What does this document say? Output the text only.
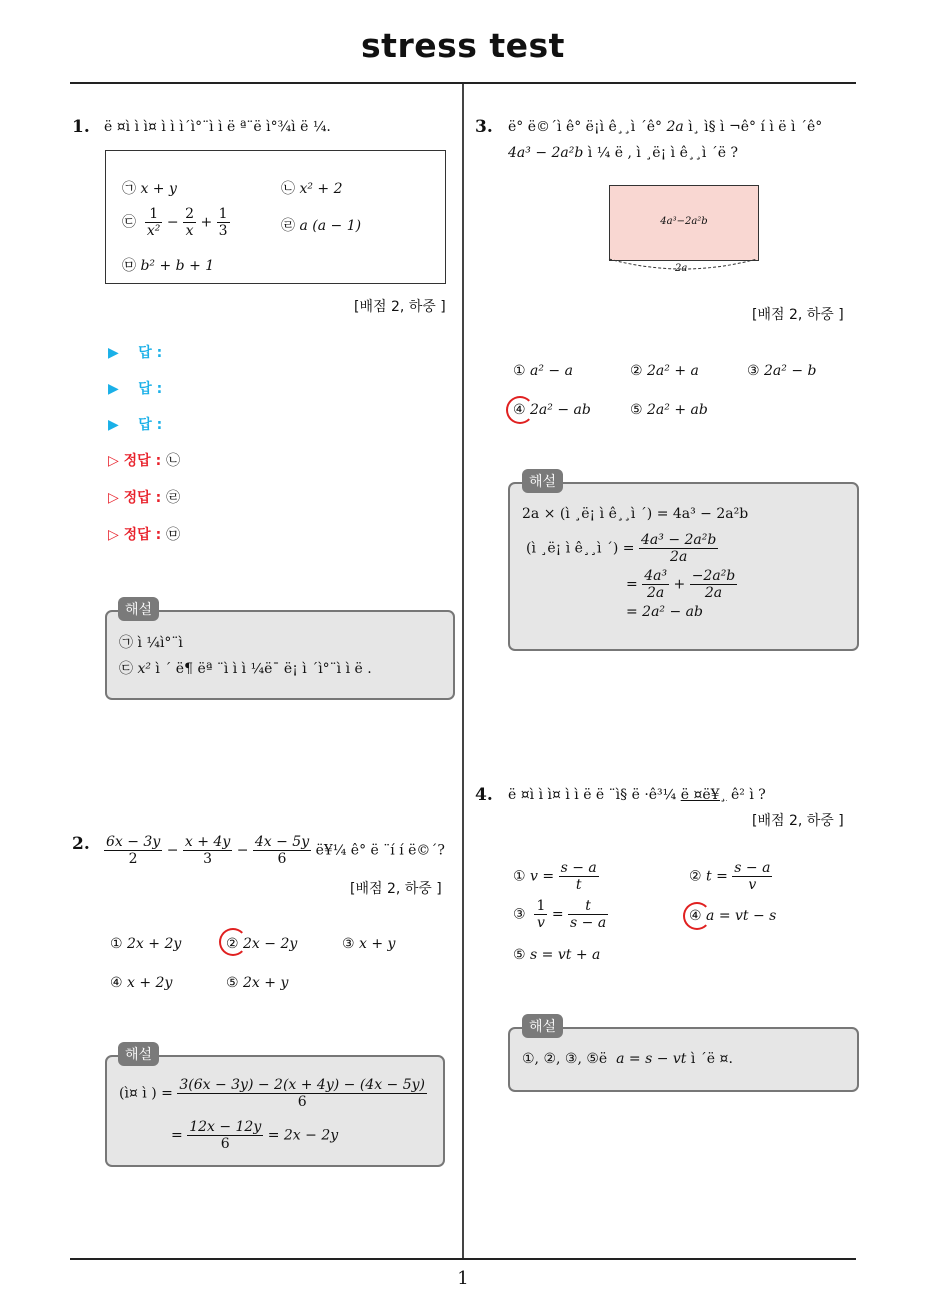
stress test
1
1. ë ¤ì ì ì¤ ì ì ì´ì°¨ì ì ë ª¨ë ì°¾ì ë ¼.
㉠ x + y	㉡ x² + 2
㉢ $\frac{1}{\text{x²}} - \frac{2}{x} + \frac{1}{3}$	㉣ a (a − 1)
㉤ b² + b + 1
[배점 2, 하중 ]
▶ 답 :
▶ 답 :
▶ 답 :
▷ 정답 : ㉡
▷ 정답 : ㉣
▷ 정답 : ㉤
㉠ ì ¼ì°¨ì
㉢ x² ì ´ ë¶ ëª ¨ì ì ì ¼ë¯ ë¡ ì ´ì°¨ì ì ë .
해설
2. $\frac{6x - 3y}{2} - \frac{x + 4y}{3} - \frac{4x - 5y}{6}$ ë¥¼ ê° ë ¨í í ë©´?
[배점 2, 하중 ]
① 2x + 2y	② 2x − 2y	③ x + y
④ x + 2y	⑤ 2x + y
(ì¤ ì ) = $\frac{3(6x - 3y) - 2(x + 4y) - (4x - 5y)}{6}$
= $\frac{12x - 12y}{6} = 2x - 2y$
해설
3. ë° ë©´ì ê° ë¡ì ê¸¸ì ´ê° 2a ì¸ ì§ ì ¬ê° í ì ë ì ´ê°
4a³ − 2a²b ì ¼ ë , ì ¸ë¡ ì ê¸¸ì ´ë ?
4a³−2a²b
2a
[배점 2, 하중 ]
① a² − a	② 2a² + a	③ 2a² − b
④ 2a² − ab	⑤ 2a² + ab
2a × (ì ¸ë¡ ì ê¸¸ì ´) = 4a³ − 2a²b
(ì ¸ë¡ ì ê¸¸ì ´) = $\frac{\text{4a³ − 2a²b}}{2a}$
= $\frac{\text{4a³}}{2a} + \frac{\text{−2a²b}}{2a}$
= 2a² − ab
해설
4. ë ¤ì ì ì¤ ì ì ë ë ¨ì§ ë ·ê³¼ ë ¤ë¥¸ ê² ì ?
[배점 2, 하중 ]
① $v = \frac{s - a}{t}$	② $t = \frac{s - a}{v}$
③ $\frac{1}{v} = \frac{t}{s - a}$	④ a = vt − s
⑤ s = vt + a
①, ②, ③, ⑤ë  a = s − vt ì ´ë ¤.
해설
